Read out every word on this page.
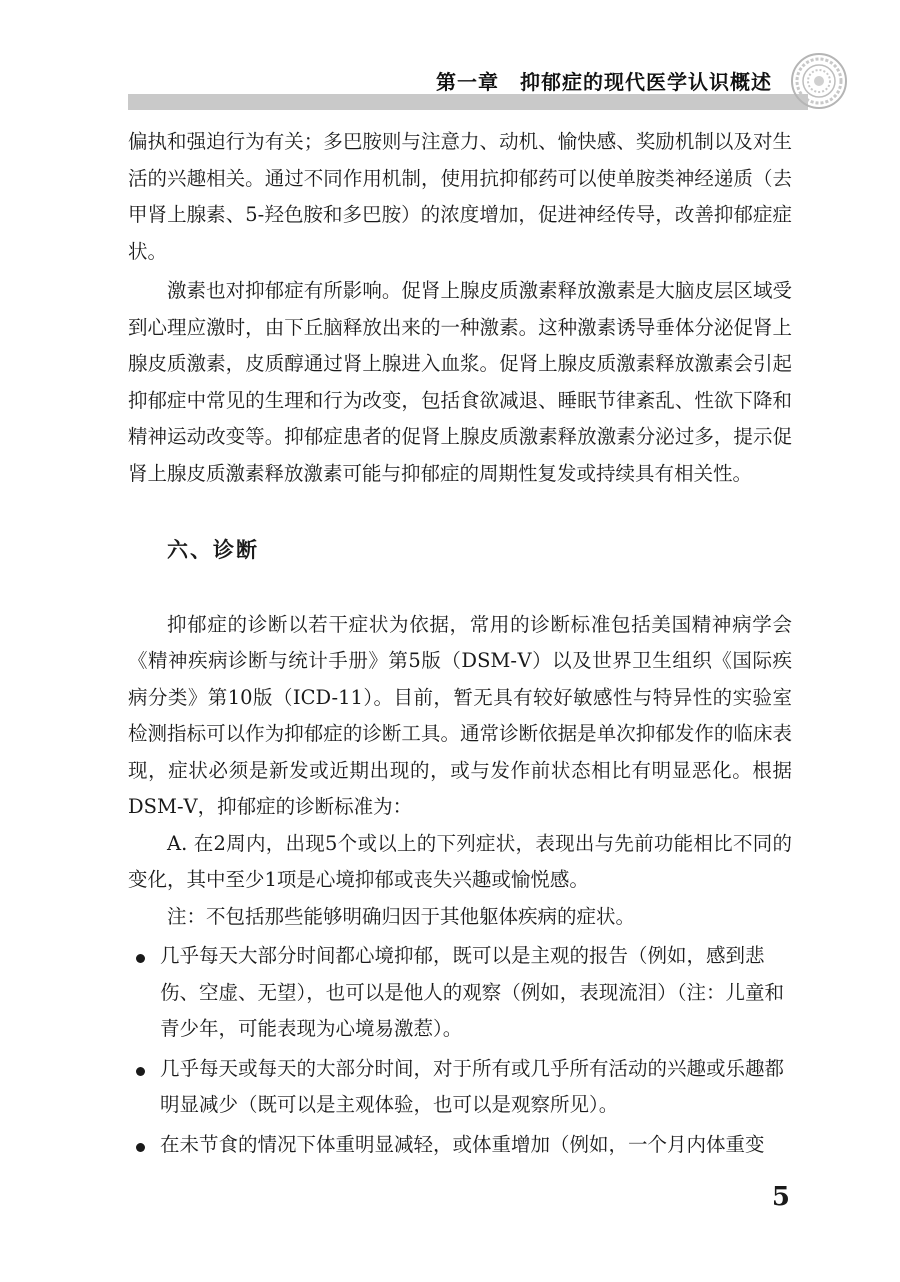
第一章　抑郁症的现代医学认识概述

偏执和强迫行为有关；多巴胺则与注意力、动机、愉快感、奖励机制以及对生活的兴趣相关。通过不同作用机制，使用抗抑郁药可以使单胺类神经递质（去甲肾上腺素、5-羟色胺和多巴胺）的浓度增加，促进神经传导，改善抑郁症症状。

激素也对抑郁症有所影响。促肾上腺皮质激素释放激素是大脑皮层区域受到心理应激时，由下丘脑释放出来的一种激素。这种激素诱导垂体分泌促肾上腺皮质激素，皮质醇通过肾上腺进入血浆。促肾上腺皮质激素释放激素会引起抑郁症中常见的生理和行为改变，包括食欲减退、睡眠节律紊乱、性欲下降和精神运动改变等。抑郁症患者的促肾上腺皮质激素释放激素分泌过多，提示促肾上腺皮质激素释放激素可能与抑郁症的周期性复发或持续具有相关性。

六、诊断

抑郁症的诊断以若干症状为依据，常用的诊断标准包括美国精神病学会《精神疾病诊断与统计手册》第5版（DSM-Ⅴ）以及世界卫生组织《国际疾病分类》第10版（ICD-11）。目前，暂无具有较好敏感性与特异性的实验室检测指标可以作为抑郁症的诊断工具。通常诊断依据是单次抑郁发作的临床表现，症状必须是新发或近期出现的，或与发作前状态相比有明显恶化。根据DSM-Ⅴ，抑郁症的诊断标准为：

A. 在2周内，出现5个或以上的下列症状，表现出与先前功能相比不同的变化，其中至少1项是心境抑郁或丧失兴趣或愉悦感。

注：不包括那些能够明确归因于其他躯体疾病的症状。

几乎每天大部分时间都心境抑郁，既可以是主观的报告（例如，感到悲伤、空虚、无望），也可以是他人的观察（例如，表现流泪）（注：儿童和青少年，可能表现为心境易激惹）。
几乎每天或每天的大部分时间，对于所有或几乎所有活动的兴趣或乐趣都明显减少（既可以是主观体验，也可以是观察所见）。
在未节食的情况下体重明显减轻，或体重增加（例如，一个月内体重变
5
